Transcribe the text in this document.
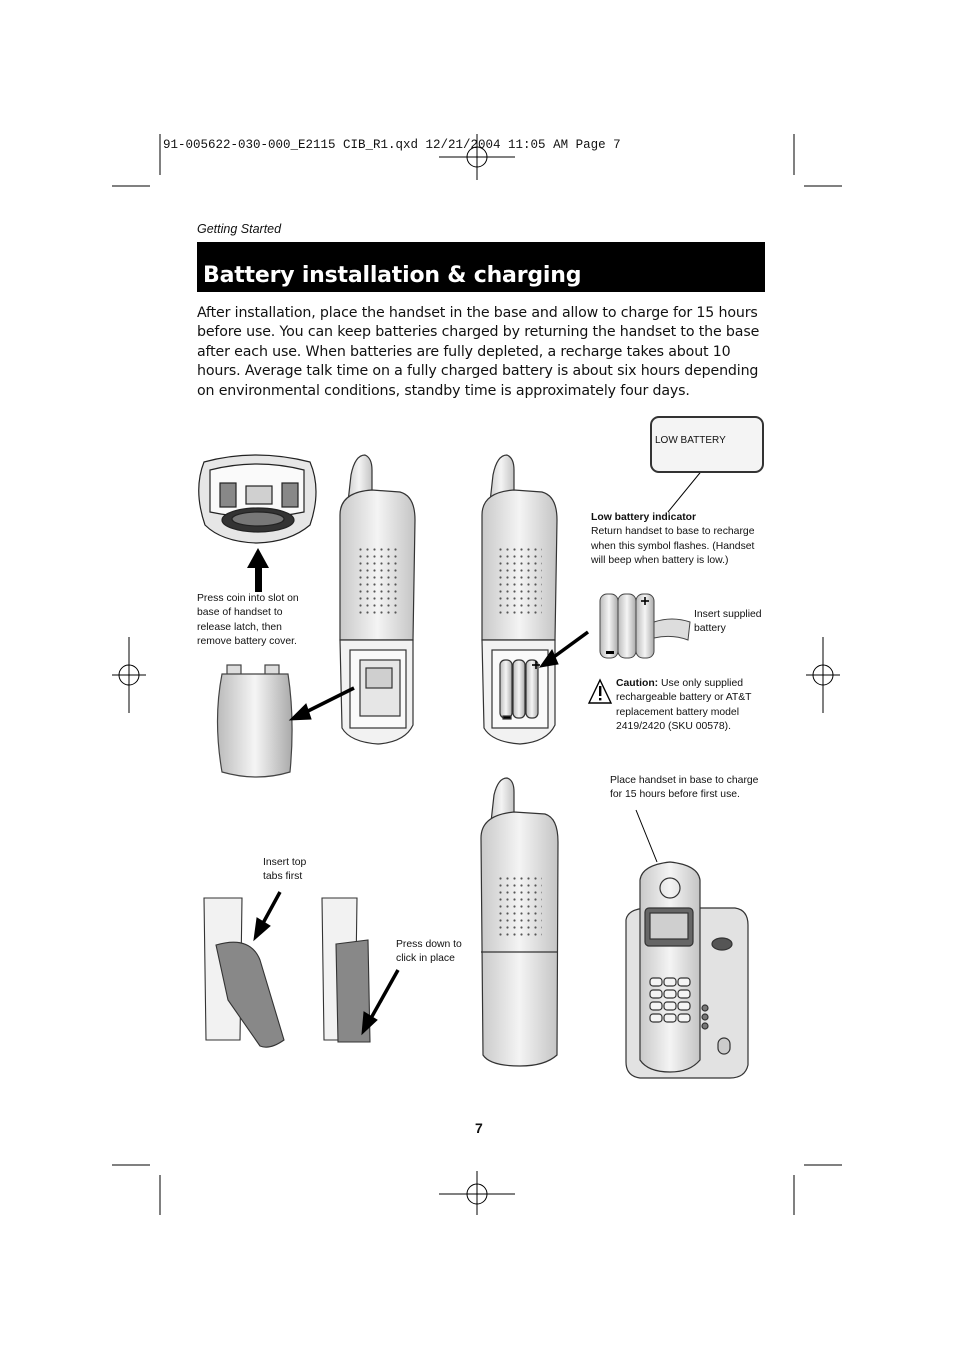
91-005622-030-000_E2115 CIB_R1.qxd 12/21/2004 11:05 AM Page 7
Getting Started
Battery installation & charging
After installation, place the handset in the base and allow to charge for 15 hours before use. You can keep batteries charged by returning the handset to the base after each use. When batteries are fully depleted, a recharge takes about 10 hours. Average talk time on a fully charged battery is about six hours depending on environmental conditions, standby time is approximately four days.
LOW BATTERY
Low battery indicator
Return handset to base to recharge
when this symbol flashes. (Handset
will beep when battery is low.)
Press coin into slot on
base of handset to
release latch, then
remove battery cover.
Insert supplied
battery
Caution: Use only supplied
rechargeable battery or AT&T
replacement battery model
2419/2420 (SKU 00578).
Place handset in base to charge
for 15 hours before first use.
Insert top
tabs first
Press down to
click in place
7
